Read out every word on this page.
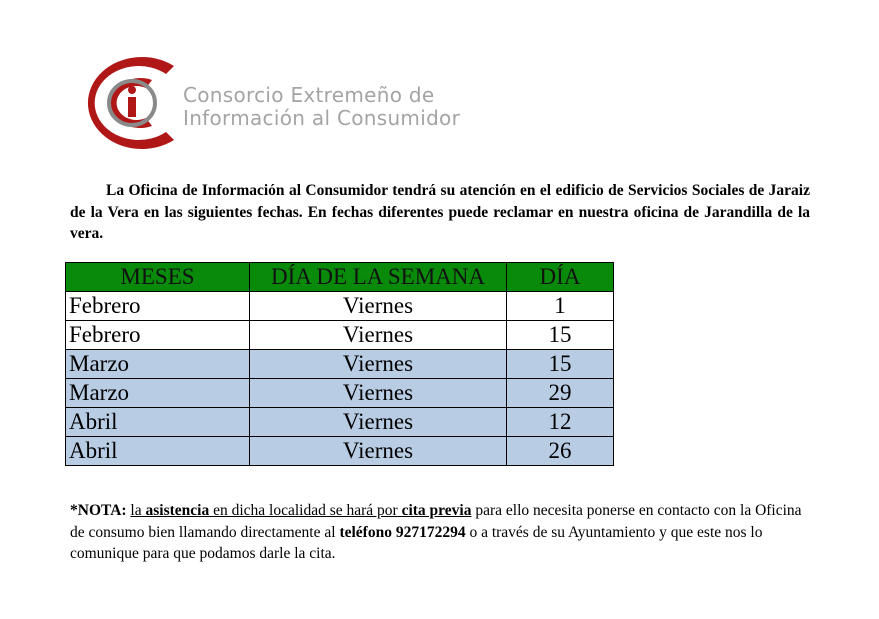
Consorcio Extremeño de
Información al Consumidor
La Oficina de Información al Consumidor tendrá su atención en el edificio de Servicios Sociales de Jaraiz de la Vera en las siguientes fechas. En fechas diferentes puede reclamar en nuestra oficina de Jarandilla de la vera.
MESES	DÍA DE LA SEMANA	DÍA
Febrero	Viernes	1
Febrero	Viernes	15
Marzo	Viernes	15
Marzo	Viernes	29
Abril	Viernes	12
Abril	Viernes	26
*NOTA: la asistencia en dicha localidad se hará por cita previa para ello necesita ponerse en contacto con la Oficina de consumo bien llamando directamente al teléfono 927172294 o a través de su Ayuntamiento y que este nos lo comunique para que podamos darle la cita.
